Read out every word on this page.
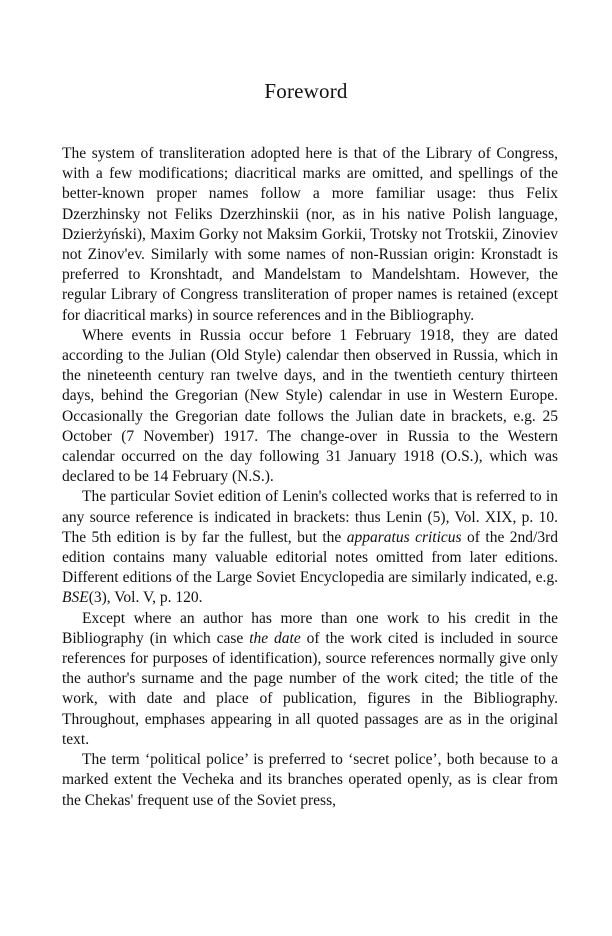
Foreword

The system of transliteration adopted here is that of the Library of Congress, with a few modifications; diacritical marks are omitted, and spellings of the better-known proper names follow a more familiar usage: thus Felix Dzerzhinsky not Feliks Dzerzhinskii (nor, as in his native Polish language, Dzierżyński), Maxim Gorky not Maksim Gorkii, Trotsky not Trotskii, Zinoviev not Zinov'ev. Similarly with some names of non-Russian origin: Kronstadt is preferred to Kronshtadt, and Mandelstam to Mandelshtam. However, the regular Library of Congress transliteration of proper names is retained (except for diacritical marks) in source references and in the Bibliography.

Where events in Russia occur before 1 February 1918, they are dated according to the Julian (Old Style) calendar then observed in Russia, which in the nineteenth century ran twelve days, and in the twentieth century thirteen days, behind the Gregorian (New Style) calendar in use in Western Europe. Occasionally the Gregorian date follows the Julian date in brackets, e.g. 25 October (7 November) 1917. The change-over in Russia to the Western calendar occurred on the day following 31 January 1918 (O.S.), which was declared to be 14 February (N.S.).

The particular Soviet edition of Lenin's collected works that is referred to in any source reference is indicated in brackets: thus Lenin (5), Vol. XIX, p. 10. The 5th edition is by far the fullest, but the apparatus criticus of the 2nd/3rd edition contains many valuable editorial notes omitted from later editions. Different editions of the Large Soviet Encyclopedia are similarly indicated, e.g. BSE(3), Vol. V, p. 120.

Except where an author has more than one work to his credit in the Bibliography (in which case the date of the work cited is included in source references for purposes of identification), source references normally give only the author's surname and the page number of the work cited; the title of the work, with date and place of publication, figures in the Bibliography. Throughout, emphases appearing in all quoted passages are as in the original text.

The term ‘political police’ is preferred to ‘secret police’, both because to a marked extent the Vecheka and its branches operated openly, as is clear from the Chekas' frequent use of the Soviet press,
